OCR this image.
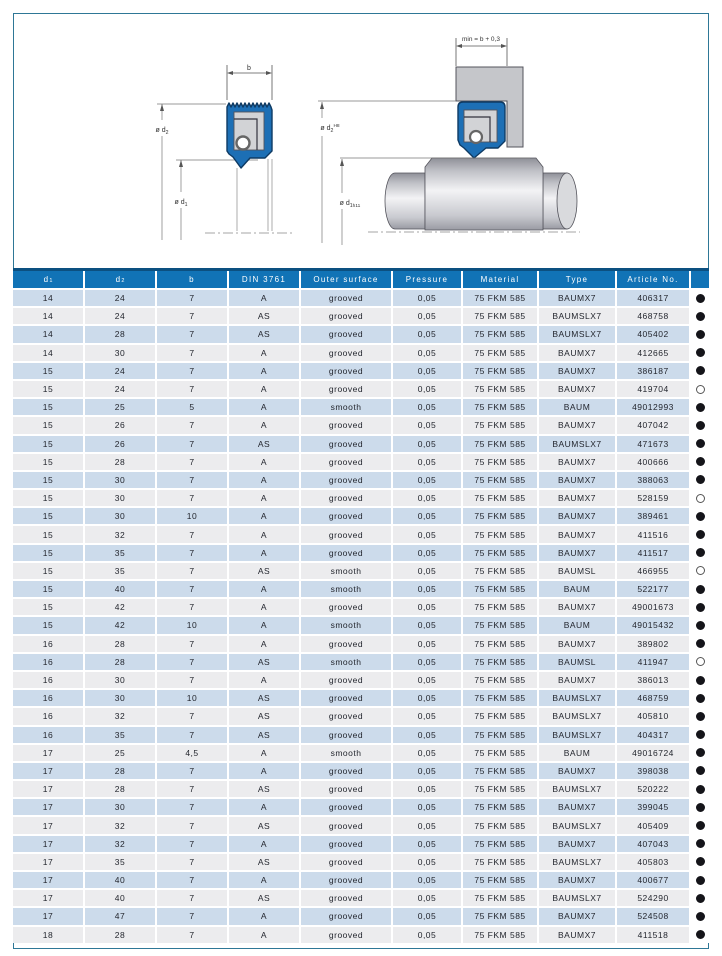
b
ø $d_2$
ø $d_1$
min = b + 0,3
ø $d_2^{H8}$
ø $d_1h11$
d 1	d 2	b	DIN 3761	Outer surface	Pressure	Material	Type	Article No.
14	24	7	A	grooved	0,05	75 FKM 585	BAUMX7	406317
14	24	7	AS	grooved	0,05	75 FKM 585	BAUMSLX7	468758
14	28	7	AS	grooved	0,05	75 FKM 585	BAUMSLX7	405402
14	30	7	A	grooved	0,05	75 FKM 585	BAUMX7	412665
15	24	7	A	grooved	0,05	75 FKM 585	BAUMX7	386187
15	24	7	A	grooved	0,05	75 FKM 585	BAUMX7	419704
15	25	5	A	smooth	0,05	75 FKM 585	BAUM	49012993
15	26	7	A	grooved	0,05	75 FKM 585	BAUMX7	407042
15	26	7	AS	grooved	0,05	75 FKM 585	BAUMSLX7	471673
15	28	7	A	grooved	0,05	75 FKM 585	BAUMX7	400666
15	30	7	A	grooved	0,05	75 FKM 585	BAUMX7	388063
15	30	7	A	grooved	0,05	75 FKM 585	BAUMX7	528159
15	30	10	A	grooved	0,05	75 FKM 585	BAUMX7	389461
15	32	7	A	grooved	0,05	75 FKM 585	BAUMX7	411516
15	35	7	A	grooved	0,05	75 FKM 585	BAUMX7	411517
15	35	7	AS	smooth	0,05	75 FKM 585	BAUMSL	466955
15	40	7	A	smooth	0,05	75 FKM 585	BAUM	522177
15	42	7	A	grooved	0,05	75 FKM 585	BAUMX7	49001673
15	42	10	A	smooth	0,05	75 FKM 585	BAUM	49015432
16	28	7	A	grooved	0,05	75 FKM 585	BAUMX7	389802
16	28	7	AS	smooth	0,05	75 FKM 585	BAUMSL	411947
16	30	7	A	grooved	0,05	75 FKM 585	BAUMX7	386013
16	30	10	AS	grooved	0,05	75 FKM 585	BAUMSLX7	468759
16	32	7	AS	grooved	0,05	75 FKM 585	BAUMSLX7	405810
16	35	7	AS	grooved	0,05	75 FKM 585	BAUMSLX7	404317
17	25	4,5	A	smooth	0,05	75 FKM 585	BAUM	49016724
17	28	7	A	grooved	0,05	75 FKM 585	BAUMX7	398038
17	28	7	AS	grooved	0,05	75 FKM 585	BAUMSLX7	520222
17	30	7	A	grooved	0,05	75 FKM 585	BAUMX7	399045
17	32	7	AS	grooved	0,05	75 FKM 585	BAUMSLX7	405409
17	32	7	A	grooved	0,05	75 FKM 585	BAUMX7	407043
17	35	7	AS	grooved	0,05	75 FKM 585	BAUMSLX7	405803
17	40	7	A	grooved	0,05	75 FKM 585	BAUMX7	400677
17	40	7	AS	grooved	0,05	75 FKM 585	BAUMSLX7	524290
17	47	7	A	grooved	0,05	75 FKM 585	BAUMX7	524508
18	28	7	A	grooved	0,05	75 FKM 585	BAUMX7	411518
